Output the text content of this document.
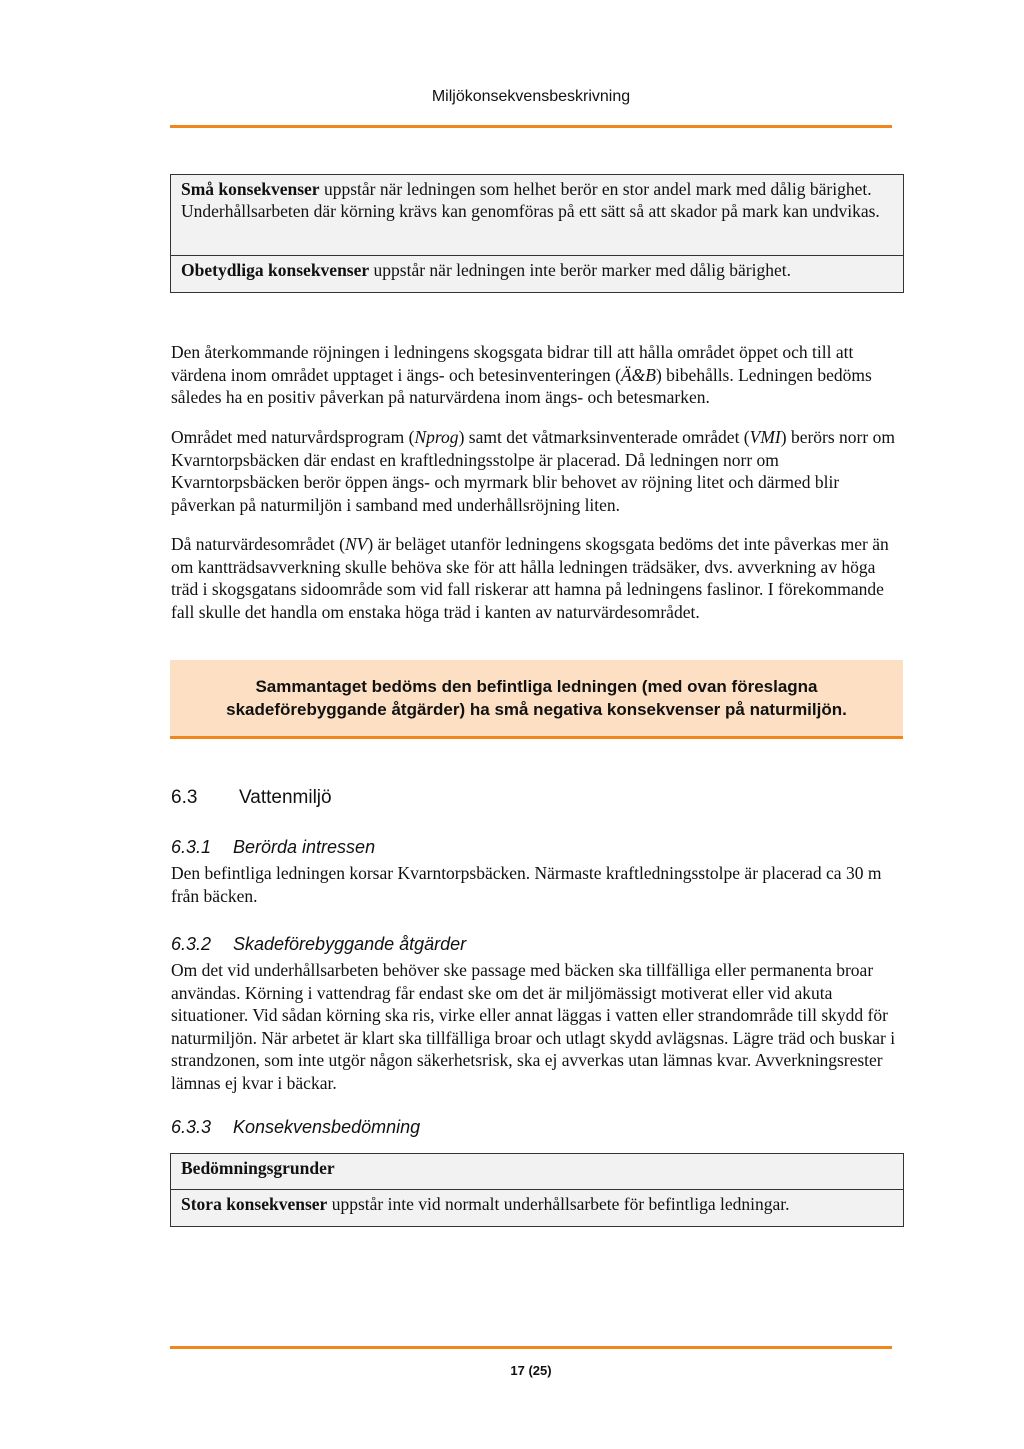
Miljökonsekvensbeskrivning
Små konsekvenser uppstår när ledningen som helhet berör en stor andel mark med dålig bärighet. Underhållsarbeten där körning krävs kan genomföras på ett sätt så att skador på mark kan undvikas.
Obetydliga konsekvenser uppstår när ledningen inte berör marker med dålig bärighet.

Den återkommande röjningen i ledningens skogsgata bidrar till att hålla området öppet och till att värdena inom området upptaget i ängs- och betesinventeringen (Ä&B) bibehålls. Ledningen bedöms således ha en positiv påverkan på naturvärdena inom ängs- och betesmarken.

Området med naturvårdsprogram (Nprog) samt det våtmarksinventerade området (VMI) berörs norr om Kvarntorpsbäcken där endast en kraftledningsstolpe är placerad. Då ledningen norr om Kvarntorpsbäcken berör öppen ängs- och myrmark blir behovet av röjning litet och därmed blir påverkan på naturmiljön i samband med underhållsröjning liten.

Då naturvärdesområdet (NV) är beläget utanför ledningens skogsgata bedöms det inte påverkas mer än om kantträdsavverkning skulle behöva ske för att hålla ledningen trädsäker, dvs. avverkning av höga träd i skogsgatans sidoområde som vid fall riskerar att hamna på ledningens faslinor. I förekommande fall skulle det handla om enstaka höga träd i kanten av naturvärdesområdet.

Sammantaget bedöms den befintliga ledningen (med ovan föreslagna skadeförebyggande åtgärder) ha små negativa konsekvenser på naturmiljön.
6.3 Vattenmiljö
6.3.1 Berörda intressen

Den befintliga ledningen korsar Kvarntorpsbäcken. Närmaste kraftledningsstolpe är placerad ca 30 m från bäcken.

6.3.2 Skadeförebyggande åtgärder

Om det vid underhållsarbeten behöver ske passage med bäcken ska tillfälliga eller permanenta broar användas. Körning i vattendrag får endast ske om det är miljömässigt motiverat eller vid akuta situationer. Vid sådan körning ska ris, virke eller annat läggas i vatten eller strandområde till skydd för naturmiljön. När arbetet är klart ska tillfälliga broar och utlagt skydd avlägsnas. Lägre träd och buskar i strandzonen, som inte utgör någon säkerhetsrisk, ska ej avverkas utan lämnas kvar. Avverkningsrester lämnas ej kvar i bäckar.

6.3.3 Konsekvensbedömning
Bedömningsgrunder
Stora konsekvenser uppstår inte vid normalt underhållsarbete för befintliga ledningar.
17 (25)
